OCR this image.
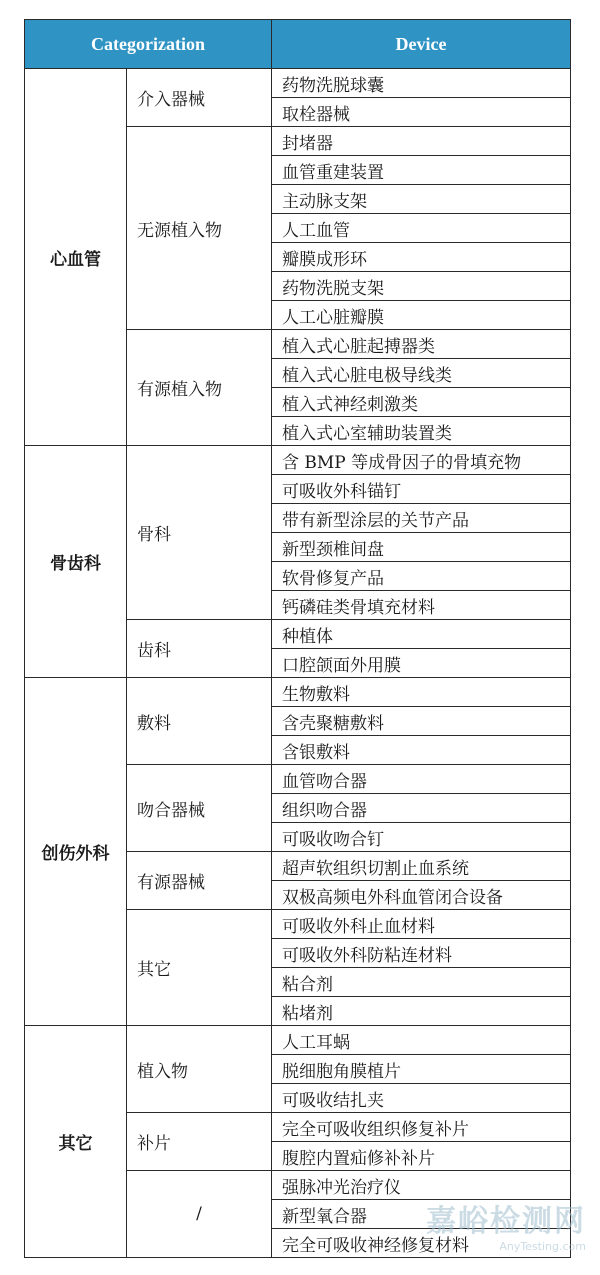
Categorization		Device
心血管	介入器械	药物洗脱球囊
		取栓器械
	无源植入物	封堵器
		血管重建装置
		主动脉支架
		人工血管
		瓣膜成形环
		药物洗脱支架
		人工心脏瓣膜
	有源植入物	植入式心脏起搏器类
		植入式心脏电极导线类
		植入式神经刺激类
		植入式心室辅助装置类
骨齿科	骨科	含 BMP 等成骨因子的骨填充物
		可吸收外科锚钉
		带有新型涂层的关节产品
		新型颈椎间盘
		软骨修复产品
		钙磷硅类骨填充材料
	齿科	种植体
		口腔颌面外用膜
创伤外科	敷料	生物敷料
		含壳聚糖敷料
		含银敷料
	吻合器械	血管吻合器
		组织吻合器
		可吸收吻合钉
	有源器械	超声软组织切割止血系统
		双极高频电外科血管闭合设备
	其它	可吸收外科止血材料
		可吸收外科防粘连材料
		粘合剂
		粘堵剂
其它	植入物	人工耳蜗
		脱细胞角膜植片
		可吸收结扎夹
	补片	完全可吸收组织修复补片
		腹腔内置疝修补补片
	/	强脉冲光治疗仪
		新型氧合器
		完全可吸收神经修复材料
嘉峪检测网
AnyTesting.com
